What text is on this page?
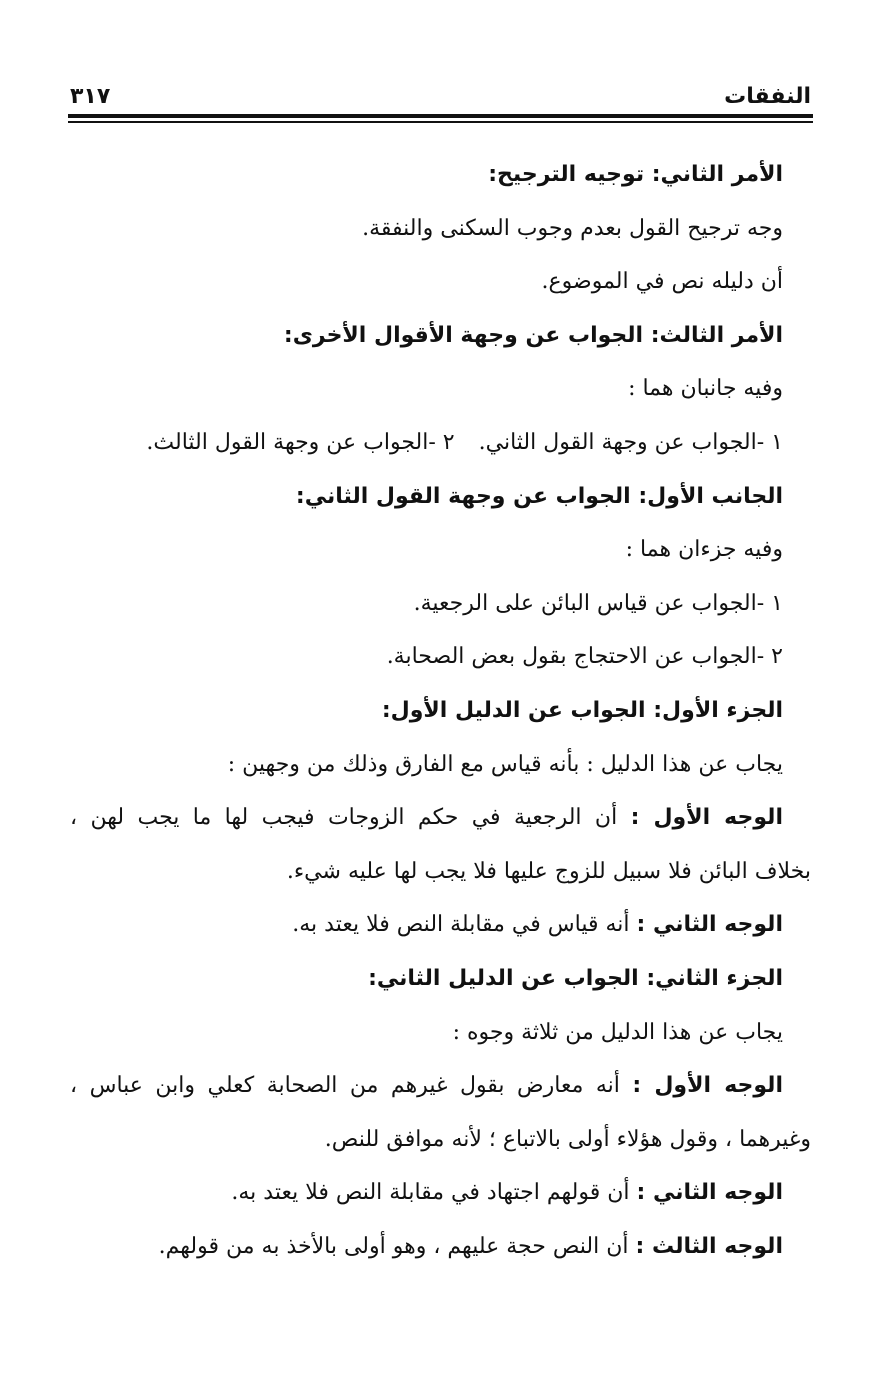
النفقات
٣١٧
الأمر الثاني: توجيه الترجيح:
وجه ترجيح القول بعدم وجوب السكنى والنفقة.
أن دليله نص في الموضوع.
الأمر الثالث: الجواب عن وجهة الأقوال الأخرى:
وفيه جانبان هما :
١ -الجواب عن وجهة القول الثاني.٢ -الجواب عن وجهة القول الثالث.
الجانب الأول: الجواب عن وجهة القول الثاني:
وفيه جزءان هما :
١ -الجواب عن قياس البائن على الرجعية.
٢ -الجواب عن الاحتجاج بقول بعض الصحابة.
الجزء الأول: الجواب عن الدليل الأول:
يجاب عن هذا الدليل : بأنه قياس مع الفارق وذلك من وجهين :
الوجه الأول : أن الرجعية في حكم الزوجات فيجب لها ما يجب لهن ،
بخلاف البائن فلا سبيل للزوج عليها فلا يجب لها عليه شيء.
الوجه الثاني : أنه قياس في مقابلة النص فلا يعتد به.
الجزء الثاني: الجواب عن الدليل الثاني:
يجاب عن هذا الدليل من ثلاثة وجوه :
الوجه الأول : أنه معارض بقول غيرهم من الصحابة كعلي وابن عباس ،
وغيرهما ، وقول هؤلاء أولى بالاتباع ؛ لأنه موافق للنص.
الوجه الثاني : أن قولهم اجتهاد في مقابلة النص فلا يعتد به.
الوجه الثالث : أن النص حجة عليهم ، وهو أولى بالأخذ به من قولهم.
